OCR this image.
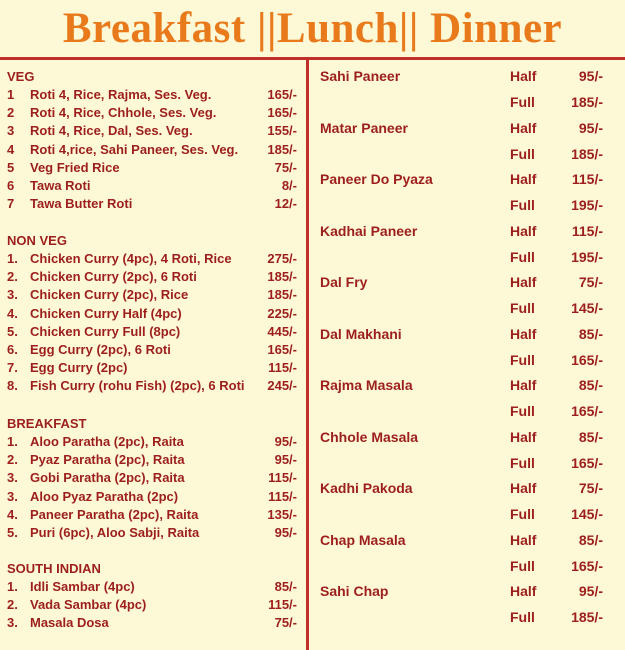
Breakfast ||Lunch|| Dinner
VEG
1	Roti 4, Rice, Rajma, Ses. Veg.	165/-
2	Roti 4, Rice, Chhole, Ses. Veg.	165/-
3	Roti 4, Rice, Dal, Ses. Veg.	155/-
4	Roti 4,rice, Sahi Paneer, Ses. Veg.	185/-
5	Veg Fried Rice	75/-
6	Tawa Roti	8/-
7	Tawa Butter Roti	12/-
NON VEG
1. Chicken Curry (4pc), 4 Roti, Rice	275/-
2. Chicken Curry (2pc), 6 Roti	185/-
3. Chicken Curry (2pc), Rice	185/-
4. Chicken Curry Half (4pc)	225/-
5. Chicken Curry Full (8pc)	445/-
6. Egg Curry (2pc), 6 Roti	165/-
7. Egg Curry (2pc)	115/-
8. Fish Curry (rohu Fish) (2pc), 6 Roti	245/-
BREAKFAST
1. Aloo Paratha (2pc), Raita	95/-
2. Pyaz Paratha (2pc), Raita	95/-
3. Gobi Paratha (2pc), Raita	115/-
3. Aloo Pyaz Paratha (2pc)	115/-
4. Paneer Paratha (2pc), Raita	135/-
5. Puri (6pc), Aloo Sabji, Raita	95/-
SOUTH INDIAN
1. Idli Sambar (4pc)	85/-
2. Vada Sambar (4pc)	115/-
3. Masala Dosa	75/-
Sahi Paneer	Half	95/-
Full	185/-
Matar Paneer	Half	95/-
Full	185/-
Paneer Do Pyaza	Half	115/-
Full	195/-
Kadhai Paneer	Half	115/-
Full	195/-
Dal Fry	Half	75/-
Full	145/-
Dal Makhani	Half	85/-
Full	165/-
Rajma Masala	Half	85/-
Full	165/-
Chhole Masala	Half	85/-
Full	165/-
Kadhi Pakoda	Half	75/-
Full	145/-
Chap Masala	Half	85/-
Full	165/-
Sahi Chap	Half	95/-
Full	185/-
